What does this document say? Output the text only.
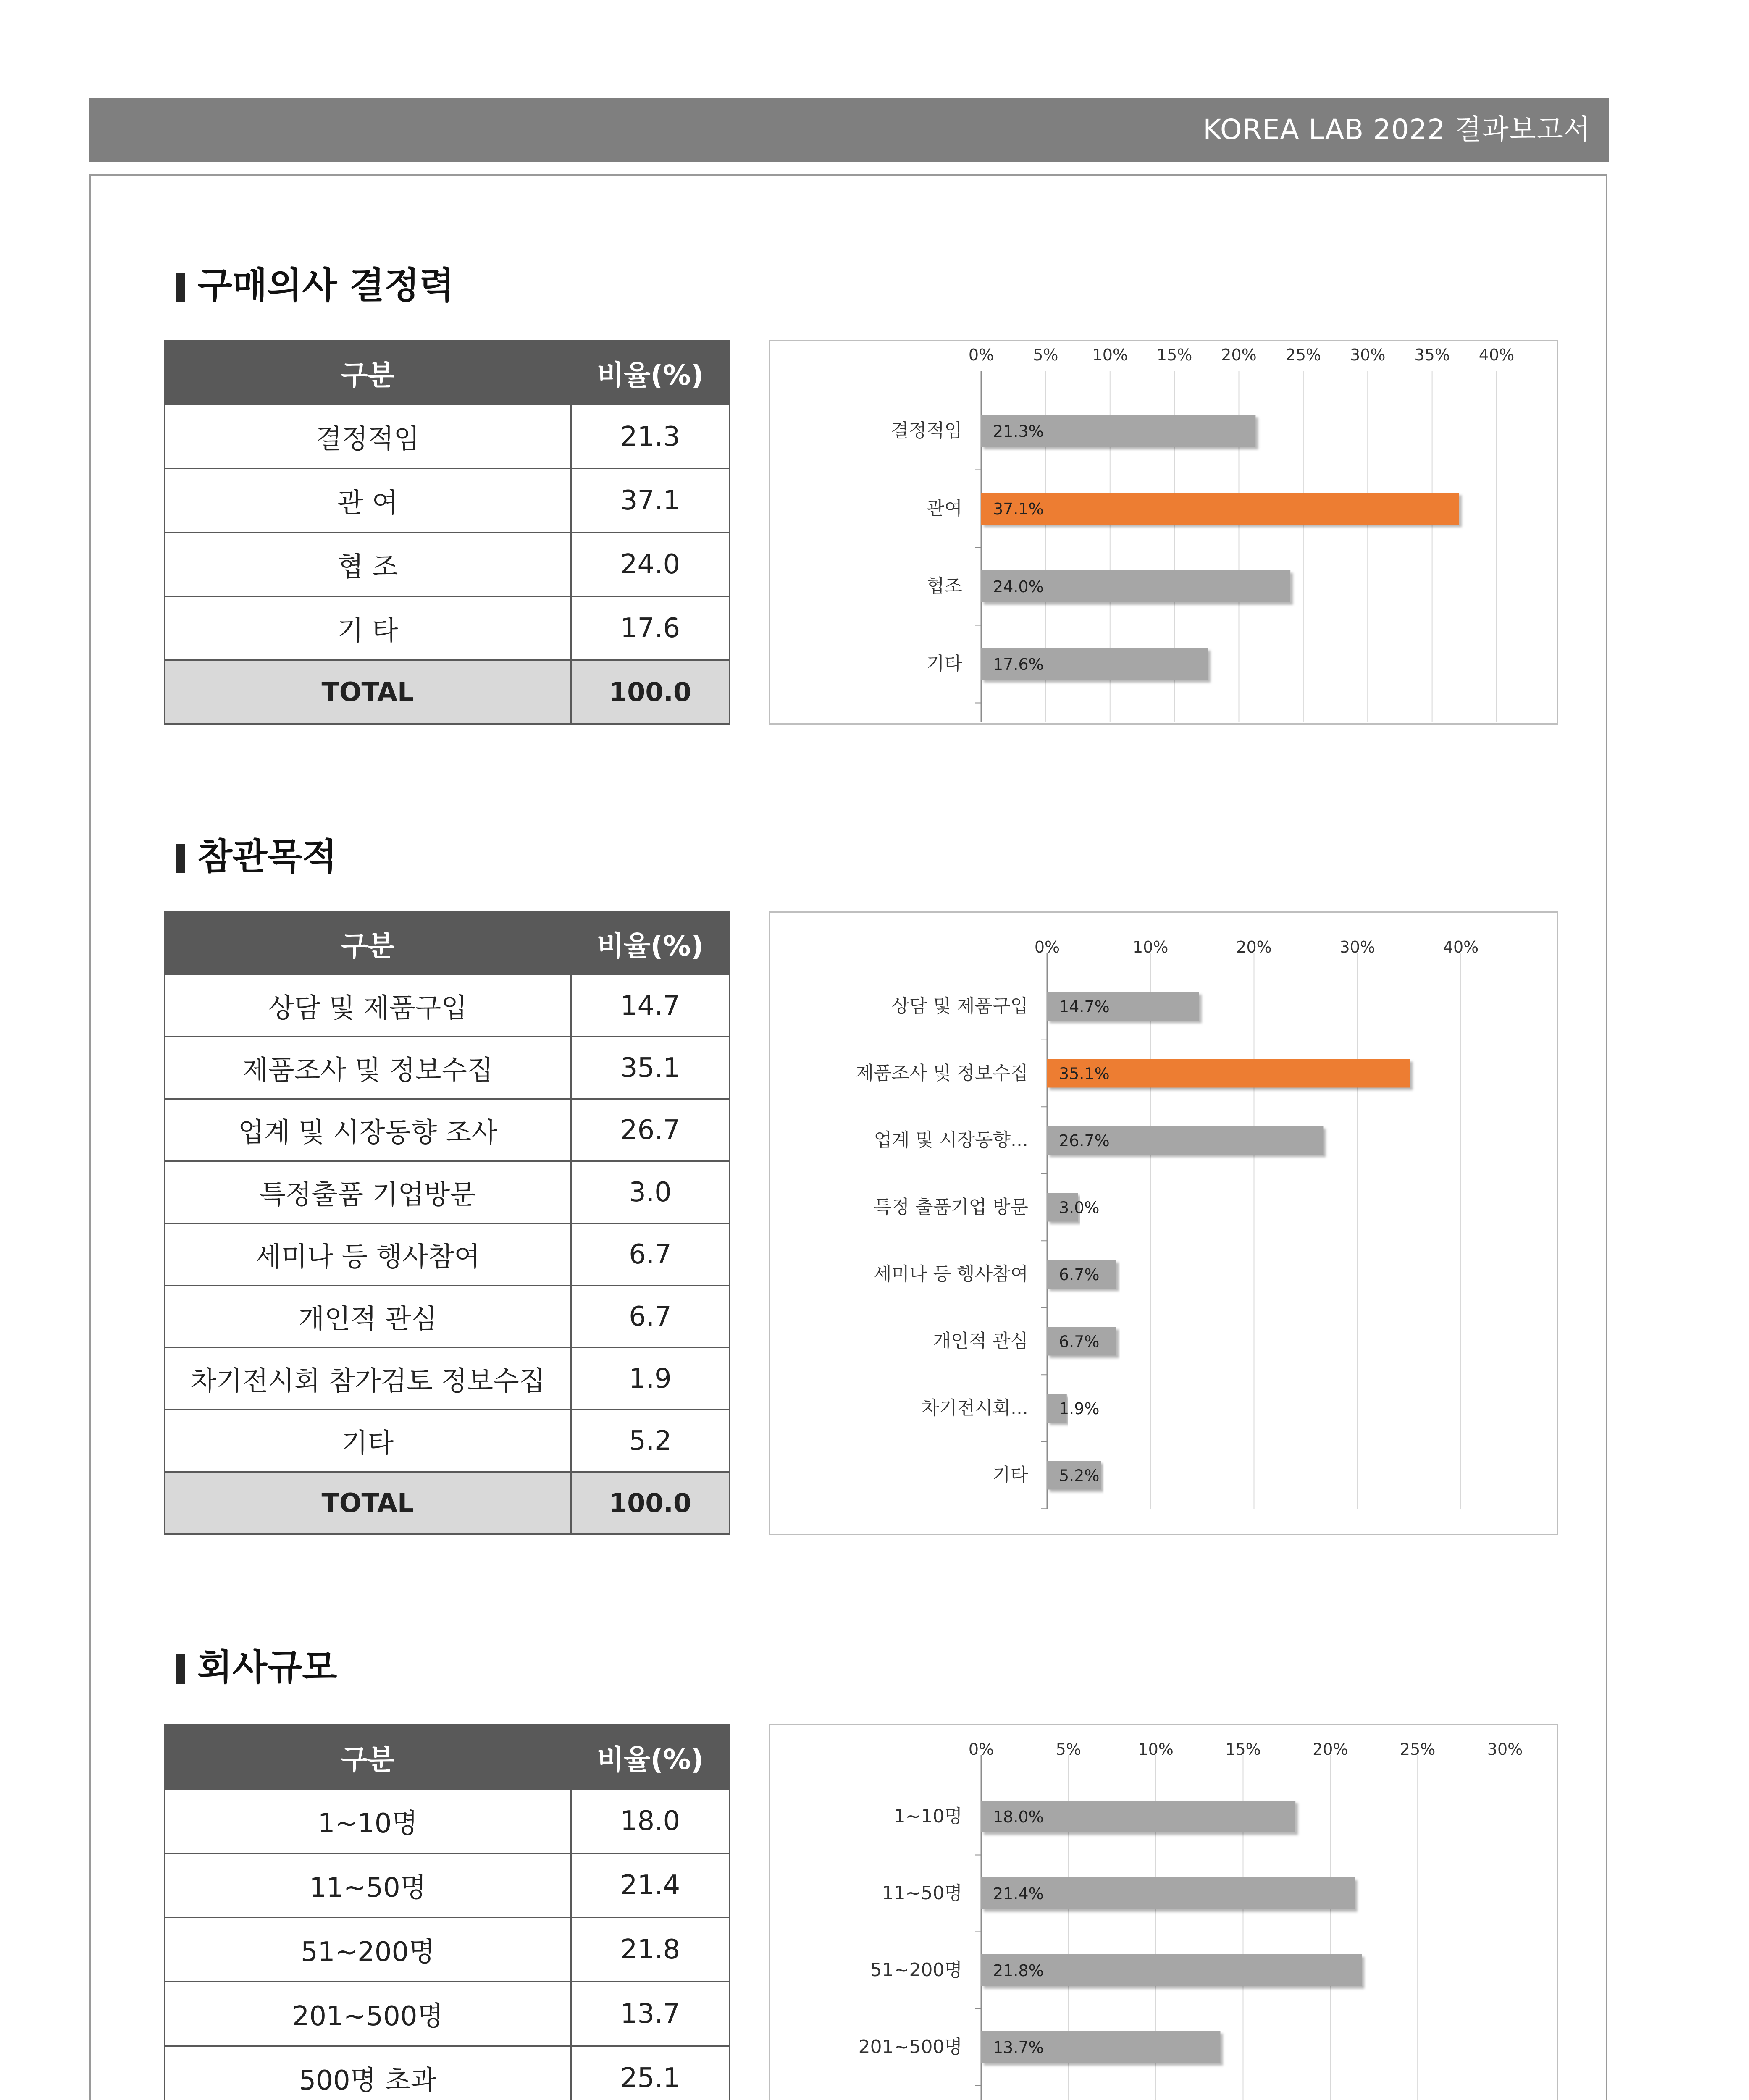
KOREA LAB 2022 결과보고서
구매의사 결정력
구분	비율(%)
결정적임	21.3
관 여	37.1
협 조	24.0
기 타	17.6
TOTAL	100.0
0% 5% 10% 15% 20% 25% 30% 35% 40%
21.3%
결정적임
37.1%
관여
24.0%
협조
17.6%
기타
참관목적
구분	비율(%)
상담 및 제품구입	14.7
제품조사 및 정보수집	35.1
업계 및 시장동향 조사	26.7
특정출품 기업방문	3.0
세미나 등 행사참여	6.7
개인적 관심	6.7
차기전시회 참가검토 정보수집	1.9
기타	5.2
TOTAL	100.0
0%	10%	20%	30%	40%
14.7%
상담 및 제품구입
35.1%
제품조사 및 정보수집
26.7%
업계 및 시장동향...
3.0%
특정 출품기업 방문
6.7%
세미나 등 행사참여
6.7%
개인적 관심
1.9%
차기전시회...
5.2%
기타
회사규모
구분	비율(%)
1~10명	18.0
11~50명	21.4
51~200명	21.8
201~500명	13.7
500명 초과	25.1

0%	5%	10%	15%	20%	25%	30%
18.0%
1~10명
21.4%
11~50명
21.8%
51~200명
13.7%
201~500명
